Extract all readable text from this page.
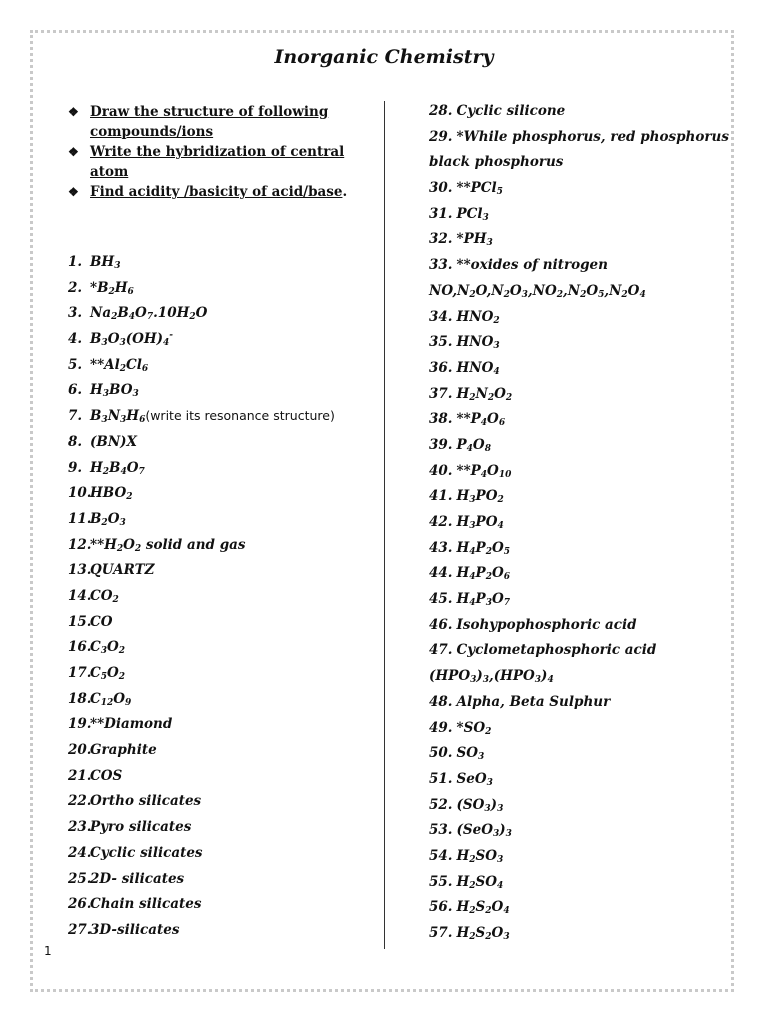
Inorganic Chemistry
❖ Draw the structure of following compounds/ions
❖ Write the hybridization of central atom
❖ Find acidity /basicity of acid/base.
1. $BH_3$
2. $*B_2H_6$
3. $Na_2B_4O_7.10H_2O$
4. $B_3O_3(OH)_4^-$
5. $**Al_2Cl_6$
6. $H_3BO_3$
7. $B_3N_3H_6$ (write its resonance structure)
8. (BN)X
9. $H_2B_4O_7$
10.
$HBO_2$
11.
$B_2O_3$
12.
$**H_2O_2$ solid and gas
13.
QUARTZ
14.
$CO_2$
15.
CO
16.
$C_3O_2$
17.
$C_5O_2$
18.
$C_{12}O_9$
19.
**Diamond
20.
Graphite
21.
COS
22.
Ortho silicates
23.
Pyro silicates
24.
Cyclic silicates
25.
2D- silicates
26.
Chain silicates
27.
3D-silicates
28. Cyclic silicone
29. *While phosphorus, red phosphorus
black phosphorus
30. **PCl$_5$
31. PCl$_3$
32. $*PH_3$
33. **oxides of nitrogen
$NO,N_2O,N_2O_3,NO_2,N_2O_5,N_2O_4$
34. $HNO_2$
35. $HNO_3$
36. $HNO_4$
37. $H_2N_2O_2$
38. $**P_4O_6$
39. $P_4O_8$
40. $**P_4O_{10}$
41. $H_3PO_2$
42. $H_3PO_4$
43. $H_4P_2O_5$
44. $H_4P_2O_6$
45. $H_4P_3O_7$
46. Isohypophosphoric acid
47. Cyclometaphosphoric acid
$(HPO_3)_3,(HPO_3)_4$
48. Alpha, Beta Sulphur
49. $*SO_2$
50. $SO_3$
51. SeO$_3$
52. $(SO_3)_3$
53. $(SeO_3)_3$
54. $H_2SO_3$
55. $H_2SO_4$
56. $H_2S_2O_4$
57. $H_2S_2O_3$
1
